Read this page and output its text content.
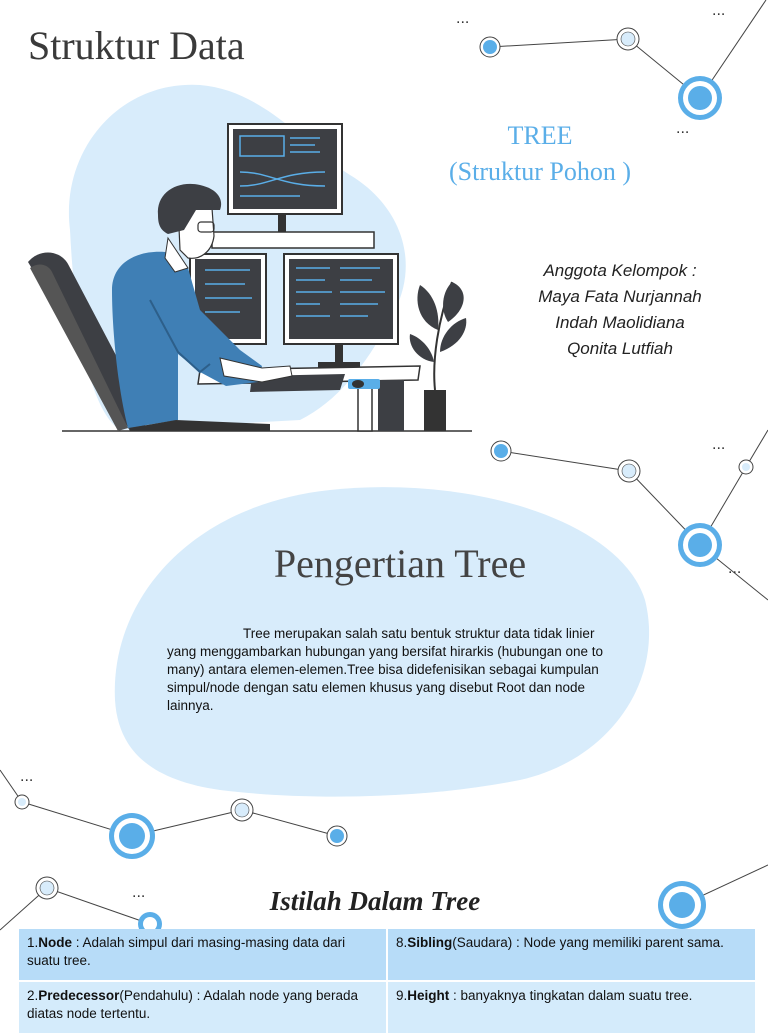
...	...
...
...
...
...
...
Struktur Data
TREE
(Struktur Pohon )
Anggota Kelompok :
Maya Fata Nurjannah
Indah Maolidiana
Qonita Lutfiah
Pengertian Tree
Tree merupakan salah satu bentuk struktur data tidak linier yang menggambarkan hubungan yang bersifat hirarkis (hubungan one to many) antara elemen-elemen.Tree bisa didefenisikan sebagai kumpulan simpul/node dengan satu elemen khusus yang disebut Root dan node lainnya.
Istilah Dalam Tree
1.Node : Adalah simpul dari masing-masing data dari suatu tree.	8.Sibling(Saudara) : Node yang memiliki parent sama.
2.Predecessor(Pendahulu) : Adalah node yang berada diatas node tertentu.	9.Height : banyaknya tingkatan dalam suatu tree.
